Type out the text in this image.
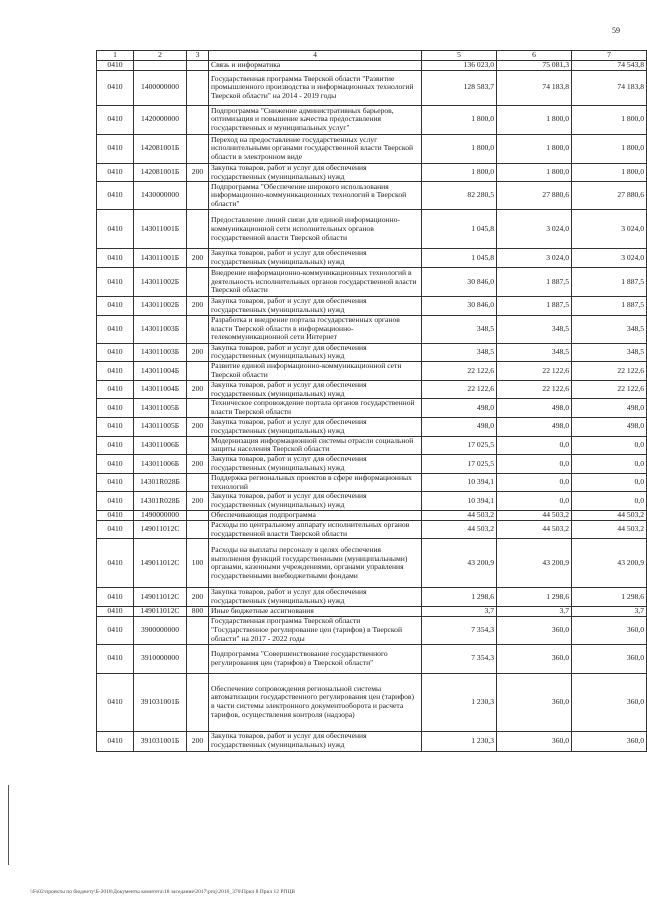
59
1	2	3	4	5	6	7
0410			Связь и информатика	136 023,0	75 081,3	74 543,8
0410	1400000000		Государственная программа Тверской области "Развитие промышленного производства и информационных технологий Тверской области" на 2014 - 2019 годы	128 583,7	74 183,8	74 183,8
0410	1420000000		Подпрограмма "Снижение административных барьеров, оптимизация и повышение качества предоставления государственных и муниципальных услуг"	1 800,0	1 800,0	1 800,0
0410	142081001Б		Переход на предоставление государственных услуг исполнительными органами государственной власти Тверской области в электронном виде	1 800,0	1 800,0	1 800,0
0410	142081001Б	200	Закупка товаров, работ и услуг для обеспечения государственных (муниципальных) нужд	1 800,0	1 800,0	1 800,0
0410	1430000000		Подпрограмма "Обеспечение широкого использования информационно-коммуникационных технологий в Тверской области"	82 280,5	27 880,6	27 880,6
0410	143011001Б		Предоставление линий связи для единой информационно-коммуникационной сети исполнительных органов государственной власти Тверской области	1 045,8	3 024,0	3 024,0
0410	143011001Б	200	Закупка товаров, работ и услуг для обеспечения государственных (муниципальных) нужд	1 045,8	3 024,0	3 024,0
0410	143011002Б		Внедрение информационно-коммуникационных технологий в деятельность исполнительных органов государственной власти Тверской области	30 846,0	1 887,5	1 887,5
0410	143011002Б	200	Закупка товаров, работ и услуг для обеспечения государственных (муниципальных) нужд	30 846,0	1 887,5	1 887,5
0410	143011003Б		Разработка и внедрение портала государственных органов власти Тверской области в информационно-телекоммуникационной сети Интернет	348,5	348,5	348,5
0410	143011003Б	200	Закупка товаров, работ и услуг для обеспечения государственных (муниципальных) нужд	348,5	348,5	348,5
0410	143011004Б		Развитие единой информационно-коммуникационной сети Тверской области	22 122,6	22 122,6	22 122,6
0410	143011004Б	200	Закупка товаров, работ и услуг для обеспечения государственных (муниципальных) нужд	22 122,6	22 122,6	22 122,6
0410	143011005Б		Техническое сопровождение портала органов государственной власти Тверской области	498,0	498,0	498,0
0410	143011005Б	200	Закупка товаров, работ и услуг для обеспечения государственных (муниципальных) нужд	498,0	498,0	498,0
0410	143011006Б		Модернизация информационной системы отрасли социальной защиты населения Тверской области	17 025,5	0,0	0,0
0410	143011006Б	200	Закупка товаров, работ и услуг для обеспечения государственных (муниципальных) нужд	17 025,5	0,0	0,0
0410	14301R028Б		Поддержка региональных проектов в сфере информационных технологий	10 394,1	0,0	0,0
0410	14301R028Б	200	Закупка товаров, работ и услуг для обеспечения государственных (муниципальных) нужд	10 394,1	0,0	0,0
0410	1490000000		Обеспечивающая подпрограмма	44 503,2	44 503,2	44 503,2
0410	149011012С		Расходы по центральному аппарату исполнительных органов государственной власти Тверской области	44 503,2	44 503,2	44 503,2
0410	149011012С	100	Расходы на выплаты персоналу в целях обеспечения выполнения функций государственными (муниципальными) органами, казенными учреждениями, органами управления государственными внебюджетными фондами	43 200,9	43 200,9	43 200,9
0410	149011012С	200	Закупка товаров, работ и услуг для обеспечения государственных (муниципальных) нужд	1 298,6	1 298,6	1 298,6
0410	149011012С	800	Иные бюджетные ассигнования	3,7	3,7	3,7
0410	3900000000		Государственная программа Тверской области "Государственное регулирование цен (тарифов) в Тверской области" на 2017 - 2022 годы	7 354,3	360,0	360,0
0410	3910000000		Подпрограмма "Совершенствование государственного регулирования цен (тарифов) в Тверской области"	7 354,3	360,0	360,0
0410	391031001Б		Обеспечение сопровождения региональной системы автоматизации государственного регулирования цен (тарифов) в части системы электронного документооборота и расчета тарифов, осуществления контроля (надзора)	1 230,3	360,0	360,0
0410	391031001Б	200	Закупка товаров, работ и услуг для обеспечения государственных (муниципальных) нужд	1 230,3	360,0	360,0
\\Fs02\проекты по бюджету\Б-2018\Документы комитета\18 заседание\2017\proj\2016_376\Прил 8 Прил 12 РПЦВ
